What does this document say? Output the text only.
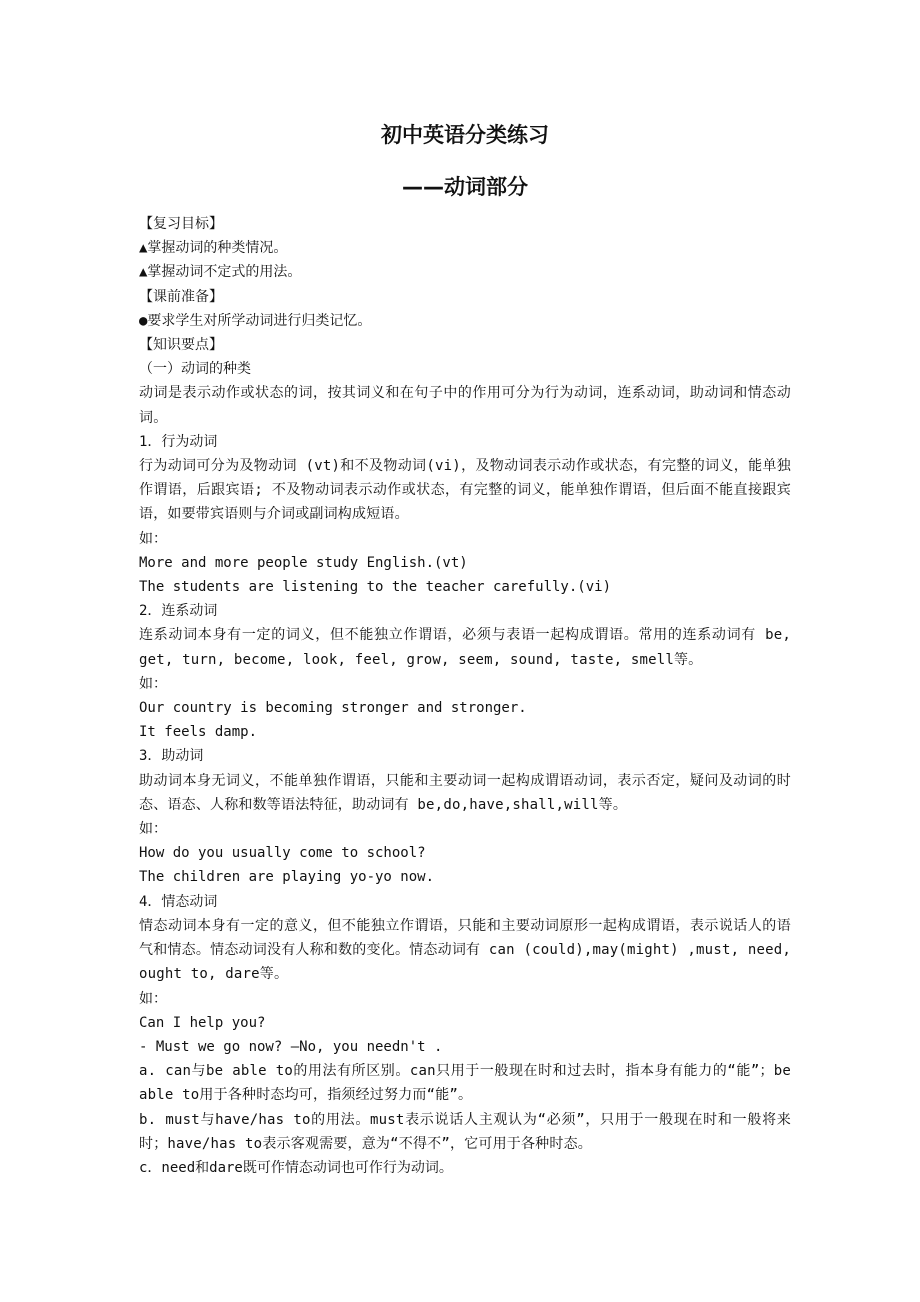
初中英语分类练习
——动词部分
【复习目标】
▲掌握动词的种类情况。
▲掌握动词不定式的用法。
【课前准备】
●要求学生对所学动词进行归类记忆。
【知识要点】
（一）动词的种类
动词是表示动作或状态的词，按其词义和在句子中的作用可分为行为动词，连系动词，助动词和情态动词。
1．行为动词
行为动词可分为及物动词 (vt)和不及物动词(vi)，及物动词表示动作或状态，有完整的词义，能单独作谓语，后跟宾语; 不及物动词表示动作或状态，有完整的词义，能单独作谓语，但后面不能直接跟宾语，如要带宾语则与介词或副词构成短语。
如：
More and more people study English.(vt)
The students are listening to the teacher carefully.(vi)
2．连系动词
连系动词本身有一定的词义，但不能独立作谓语，必须与表语一起构成谓语。常用的连系动词有 be, get, turn, become, look, feel, grow, seem, sound, taste, smell等。
如：
Our country is becoming stronger and stronger.
It feels damp.
3．助动词
助动词本身无词义，不能单独作谓语，只能和主要动词一起构成谓语动词，表示否定，疑问及动词的时态、语态、人称和数等语法特征，助动词有 be,do,have,shall,will等。
如：
How do you usually come to school?
The children are playing yo-yo now.
4．情态动词
情态动词本身有一定的意义，但不能独立作谓语，只能和主要动词原形一起构成谓语，表示说话人的语气和情态。情态动词没有人称和数的变化。情态动词有 can (could),may(might) ,must, need, ought to, dare等。
如：
Can I help you?
- Must we go now? –No, you needn't .
a. can与be able to的用法有所区别。can只用于一般现在时和过去时，指本身有能力的“能”；be able to用于各种时态均可，指须经过努力而“能”。
b. must与have/has to的用法。must表示说话人主观认为“必须”，只用于一般现在时和一般将来时；have/has to表示客观需要，意为“不得不”，它可用于各种时态。
c．need和dare既可作情态动词也可作行为动词。
